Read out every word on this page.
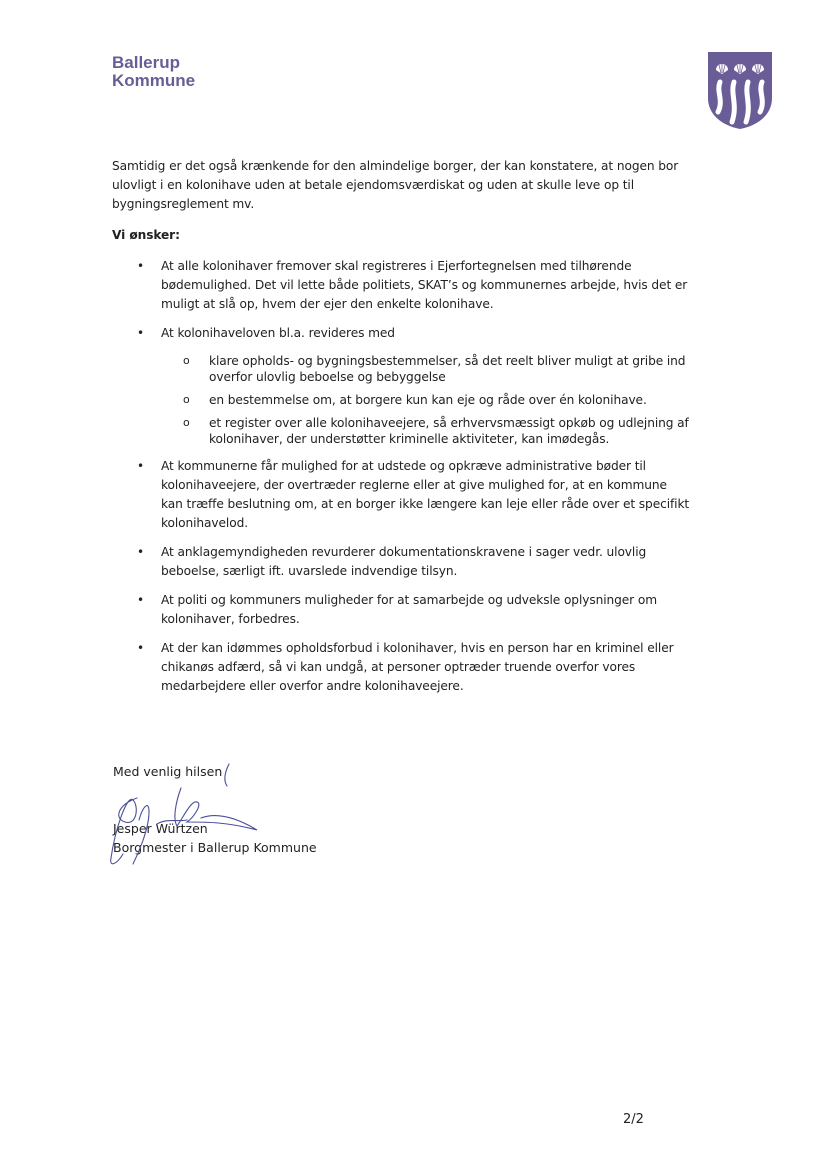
Ballerup
Kommune

Samtidig er det også krænkende for den almindelige borger, der kan konstatere, at nogen bor ulovligt i en kolonihave uden at betale ejendomsværdiskat og uden at skulle leve op til bygningsreglement mv.

Vi ønsker:

• At alle kolonihaver fremover skal registreres i Ejerfortegnelsen med tilhørende bødemulighed. Det vil lette både politiets, SKAT’s og kommunernes arbejde, hvis det er muligt at slå op, hvem der ejer den enkelte kolonihave.
• At kolonihaveloven bl.a. revideres med
o klare opholds- og bygningsbestemmelser, så det reelt bliver muligt at gribe ind overfor ulovlig beboelse og bebyggelse
o en bestemmelse om, at borgere kun kan eje og råde over én kolonihave.
o et register over alle kolonihaveejere, så erhvervsmæssigt opkøb og udlejning af kolonihaver, der understøtter kriminelle aktiviteter, kan imødegås.
• At kommunerne får mulighed for at udstede og opkræve administrative bøder til kolonihaveejere, der overtræder reglerne eller at give mulighed for, at en kommune kan træffe beslutning om, at en borger ikke længere kan leje eller råde over et specifikt kolonihavelod.
• At anklagemyndigheden revurderer dokumentationskravene i sager vedr. ulovlig beboelse, særligt ift. uvarslede indvendige tilsyn.
• At politi og kommuners muligheder for at samarbejde og udveksle oplysninger om kolonihaver, forbedres.
• At der kan idømmes opholdsforbud i kolonihaver, hvis en person har en kriminel eller chikanøs adfærd, så vi kan undgå, at personer optræder truende overfor vores medarbejdere eller overfor andre kolonihaveejere.
Med venlig hilsen
Jesper Würtzen
Borgmester i Ballerup Kommune
2/2
